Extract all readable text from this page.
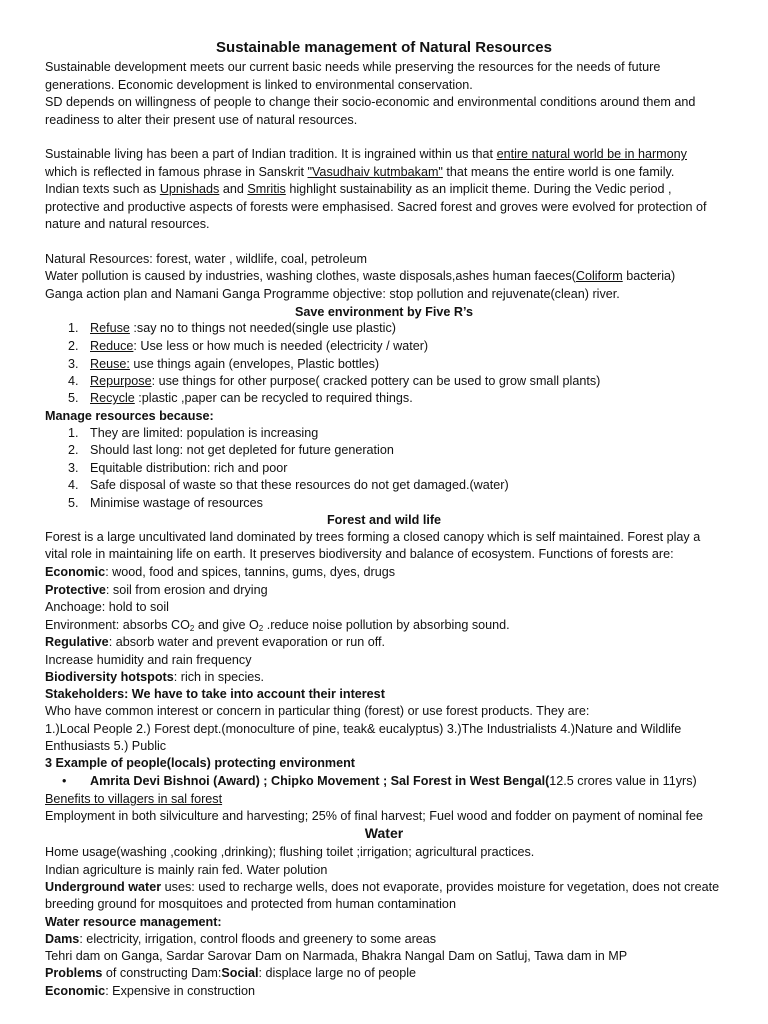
Sustainable management of Natural Resources
Sustainable development meets our current basic needs while preserving the resources for the needs of future
generations. Economic development is linked to environmental conservation.
SD depends on willingness of people to change their socio-economic and environmental conditions around them and
readiness to alter their present use of natural resources.
Sustainable living has been a part of Indian tradition. It is ingrained within us that entire natural world be in harmony
which is reflected in famous phrase in Sanskrit "Vasudhaiv kutmbakam" that means the entire world is one family.
Indian texts such as Upnishads and Smritis highlight sustainability as an implicit theme. During the Vedic period ,
protective and productive aspects of forests were emphasised. Sacred forest and groves were evolved for protection of
nature and natural resources.
Natural Resources: forest, water , wildlife, coal, petroleum
Water pollution is caused by industries, washing clothes, waste disposals,ashes human faeces(Coliform bacteria)
Ganga action plan and Namani Ganga Programme objective: stop pollution and rejuvenate(clean) river.
Save environment by Five R’s
1. Refuse :say no to things not needed(single use plastic)
2. Reduce: Use less or how much is needed (electricity / water)
3. Reuse: use things again (envelopes, Plastic bottles)
4. Repurpose: use things for other purpose( cracked pottery can be used to grow small plants)
5. Recycle :plastic ,paper can be recycled to required things.
Manage resources because:
1. They are limited: population is increasing
2. Should last long: not get depleted for future generation
3. Equitable distribution: rich and poor
4. Safe disposal of waste so that these resources do not get damaged.(water)
5. Minimise wastage of resources
Forest and wild life
Forest is a large uncultivated land dominated by trees forming a closed canopy which is self maintained. Forest play a
vital role in maintaining life on earth. It preserves biodiversity and balance of ecosystem. Functions of forests are:
Economic: wood, food and spices, tannins, gums, dyes, drugs
Protective: soil from erosion and drying
Anchoage: hold to soil
Environment: absorbs $CO_2$ and give $O_2$ .reduce noise pollution by absorbing sound.
Regulative: absorb water and prevent evaporation or run off.
Increase humidity and rain frequency
Biodiversity hotspots: rich in species.
Stakeholders: We have to take into account their interest
Who have common interest or concern in particular thing (forest) or use forest products. They are:
1.)Local People 2.) Forest dept.(monoculture of pine, teak& eucalyptus) 3.)The Industrialists 4.)Nature and Wildlife
Enthusiasts 5.) Public
3 Example of people(locals) protecting environment
• Amrita Devi Bishnoi (Award) ; Chipko Movement ; Sal Forest in West Bengal(12.5 crores value in 11yrs)
Benefits to villagers in sal forest
Employment in both silviculture and harvesting; 25% of final harvest; Fuel wood and fodder on payment of nominal fee
Water
Home usage(washing ,cooking ,drinking); flushing toilet ;irrigation; agricultural practices.
Indian agriculture is mainly rain fed. Water polution
Underground water uses: used to recharge wells, does not evaporate, provides moisture for vegetation, does not create
breeding ground for mosquitoes and protected from human contamination
Water resource management:
Dams: electricity, irrigation, control floods and greenery to some areas
Tehri dam on Ganga, Sardar Sarovar Dam on Narmada, Bhakra Nangal Dam on Satluj, Tawa dam in MP
Problems of constructing Dam:Social: displace large no of people
Economic: Expensive in construction
